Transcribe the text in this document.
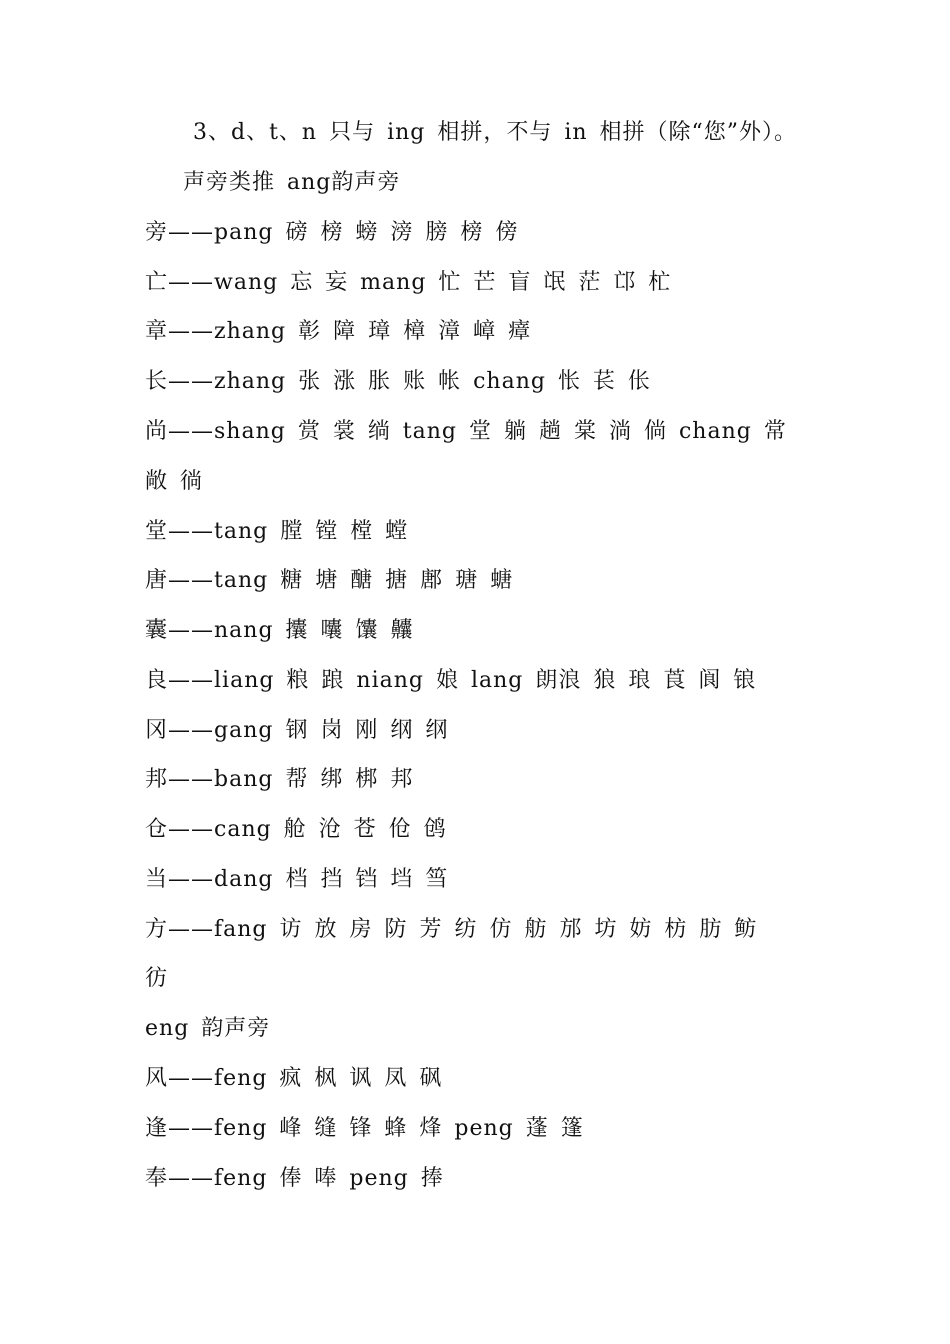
3、d、t、n 只与 ing 相拼，不与 in 相拼（除“您”外）。
声旁类推 ang韵声旁
旁——pang 磅 榜 螃 滂 膀 榜 傍
亡——wang 忘 妄 mang 忙 芒 盲 氓 茫 邙 杧
章——zhang 彰 障 璋 樟 漳 嶂 瘴
长——zhang 张 涨 胀 账 帐 chang 怅 苌 伥
尚——shang 赏 裳 绱 tang 堂 躺 趟 棠 淌 倘 chang 常
敞 徜
堂——tang 膛 镗 樘 螳
唐——tang 糖 塘 醣 搪 鄌 瑭 螗
囊——nang 攮 囔 馕 齉
良——liang 粮 踉 niang 娘 lang 朗浪 狼 琅 莨 阆 锒
冈——gang 钢 岗 刚 纲 纲
邦——bang 帮 绑 梆 邦
仓——cang 舱 沧 苍 伧 鸧
当——dang 档 挡 铛 垱 筜
方——fang 访 放 房 防 芳 纺 仿 舫 邡 坊 妨 枋 肪 鲂
彷
eng 韵声旁
风——feng 疯 枫 讽 凤 砜
逢——feng 峰 缝 锋 蜂 烽 peng 蓬 篷
奉——feng 俸 唪 peng 捧
